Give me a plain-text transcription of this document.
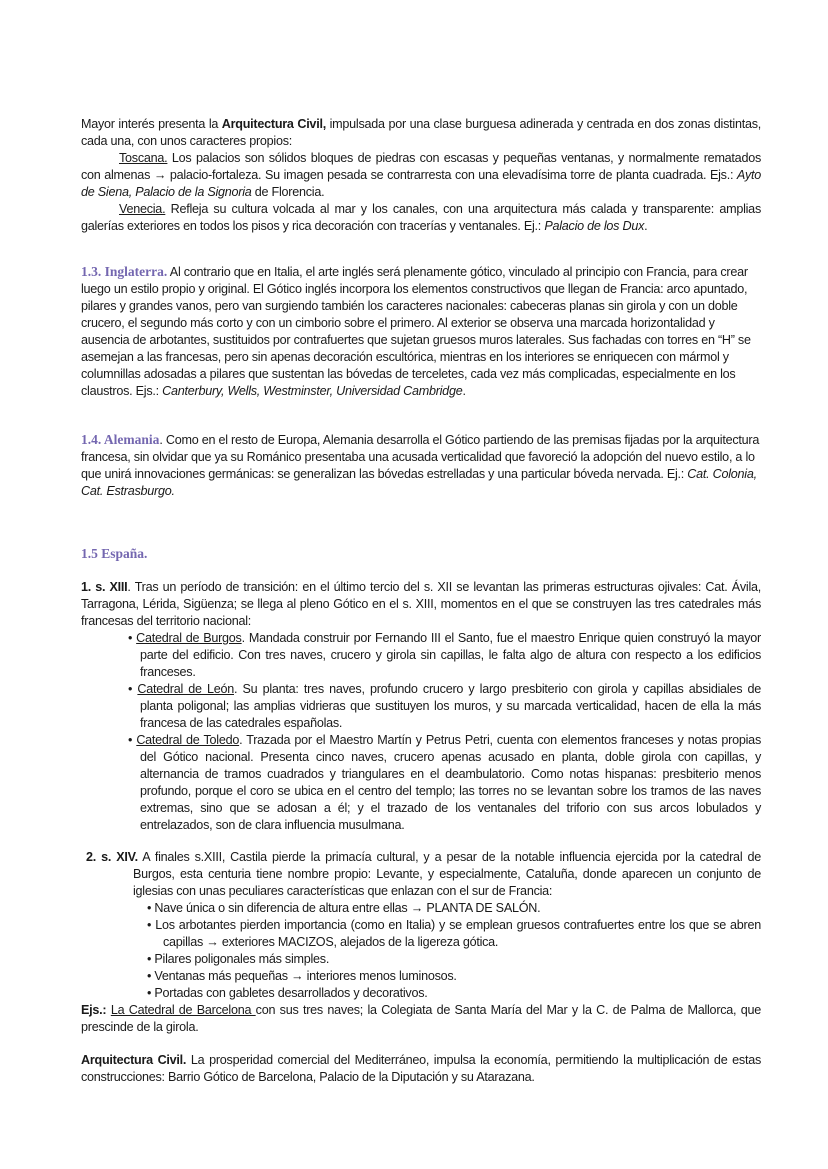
Mayor interés presenta la Arquitectura Civil, impulsada por una clase burguesa adinerada y centrada en dos zonas distintas, cada una, con unos caracteres propios:
Toscana. Los palacios son sólidos bloques de piedras con escasas y pequeñas ventanas, y normalmente rematados con almenas → palacio-fortaleza. Su imagen pesada se contrarresta con una elevadísima torre de planta cuadrada. Ejs.: Ayto de Siena, Palacio de la Signoria de Florencia.
Venecia. Refleja su cultura volcada al mar y los canales, con una arquitectura más calada y transparente: amplias galerías exteriores en todos los pisos y rica decoración con tracerías y ventanales. Ej.: Palacio de los Dux.
1.3. Inglaterra. Al contrario que en Italia, el arte inglés será plenamente gótico, vinculado al principio con Francia, para crear luego un estilo propio y original. El Gótico inglés incorpora los elementos constructivos que llegan de Francia: arco apuntado, pilares y grandes vanos, pero van surgiendo también los caracteres nacionales: cabeceras planas sin girola y con un doble crucero, el segundo más corto y con un cimborio sobre el primero. Al exterior se observa una marcada horizontalidad y ausencia de arbotantes, sustituidos por contrafuertes que sujetan gruesos muros laterales. Sus fachadas con torres en “H” se asemejan a las francesas, pero sin apenas decoración escultórica, mientras en los interiores se enriquecen con mármol y columnillas adosadas a pilares que sustentan las bóvedas de terceletes, cada vez más complicadas, especialmente en los claustros. Ejs.: Canterbury, Wells, Westminster, Universidad Cambridge.
1.4. Alemania. Como en el resto de Europa, Alemania desarrolla el Gótico partiendo de las premisas fijadas por la arquitectura francesa, sin olvidar que ya su Románico presentaba una acusada verticalidad que favoreció la adopción del nuevo estilo, a lo que unirá innovaciones germánicas: se generalizan las bóvedas estrelladas y una particular bóveda nervada. Ej.: Cat. Colonia, Cat. Estrasburgo.
1.5 España.
1. s. XIII. Tras un período de transición: en el último tercio del s. XII se levantan las primeras estructuras ojivales: Cat. Ávila, Tarragona, Lérida, Sigüenza; se llega al pleno Gótico en el s. XIII, momentos en el que se construyen las tres catedrales más francesas del territorio nacional:
• Catedral de Burgos. Mandada construir por Fernando III el Santo, fue el maestro Enrique quien construyó la mayor parte del edificio. Con tres naves, crucero y girola sin capillas, le falta algo de altura con respecto a los edificios franceses.
• Catedral de León. Su planta: tres naves, profundo crucero y largo presbiterio con girola y capillas absidiales de planta poligonal; las amplias vidrieras que sustituyen los muros, y su marcada verticalidad, hacen de ella la más francesa de las catedrales españolas.
• Catedral de Toledo. Trazada por el Maestro Martín y Petrus Petri, cuenta con elementos franceses y notas propias del Gótico nacional. Presenta cinco naves, crucero apenas acusado en planta, doble girola con capillas, y alternancia de tramos cuadrados y triangulares en el deambulatorio. Como notas hispanas: presbiterio menos profundo, porque el coro se ubica en el centro del templo; las torres no se levantan sobre los tramos de las naves extremas, sino que se adosan a él; y el trazado de los ventanales del triforio con sus arcos lobulados y entrelazados, son de clara influencia musulmana.
2. s. XIV. A finales s.XIII, Castila pierde la primacía cultural, y a pesar de la notable influencia ejercida por la catedral de Burgos, esta centuria tiene nombre propio: Levante, y especialmente, Cataluña, donde aparecen un conjunto de iglesias con unas peculiares características que enlazan con el sur de Francia:
• Nave única o sin diferencia de altura entre ellas → PLANTA DE SALÓN.
• Los arbotantes pierden importancia (como en Italia) y se emplean gruesos contrafuertes entre los que se abren capillas → exteriores MACIZOS, alejados de la ligereza gótica.
• Pilares poligonales más simples.
• Ventanas más pequeñas → interiores menos luminosos.
• Portadas con gabletes desarrollados y decorativos.
Ejs.: La Catedral de Barcelona con sus tres naves; la Colegiata de Santa María del Mar y la C. de Palma de Mallorca, que prescinde de la girola.
Arquitectura Civil. La prosperidad comercial del Mediterráneo, impulsa la economía, permitiendo la multiplicación de estas construcciones: Barrio Gótico de Barcelona, Palacio de la Diputación y su Atarazana.
